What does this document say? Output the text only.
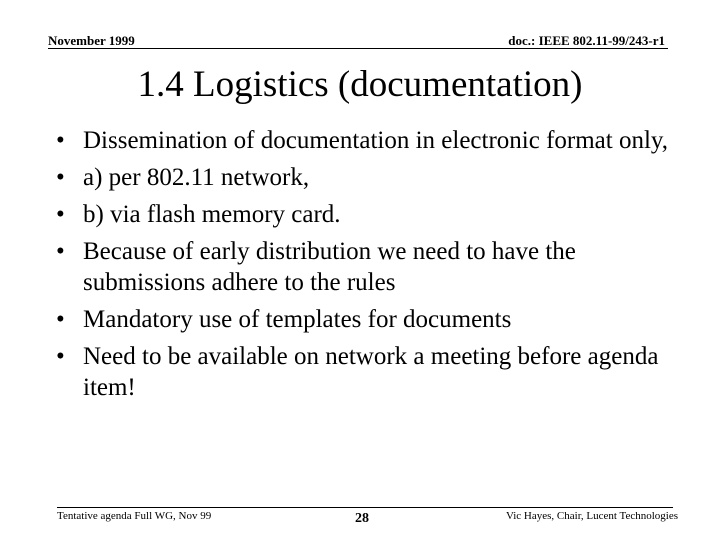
November 1999	doc.: IEEE 802.11-99/243-r1
1.4 Logistics (documentation)
• Dissemination of documentation in electronic format only,
• a) per 802.11 network,
• b) via flash memory card.
• Because of early distribution we need to have the submissions adhere to the rules
• Mandatory use of templates for documents
• Need to be available on network a meeting before agenda item!
Tentative agenda Full WG, Nov 99	28	Vic Hayes, Chair, Lucent Technologies
